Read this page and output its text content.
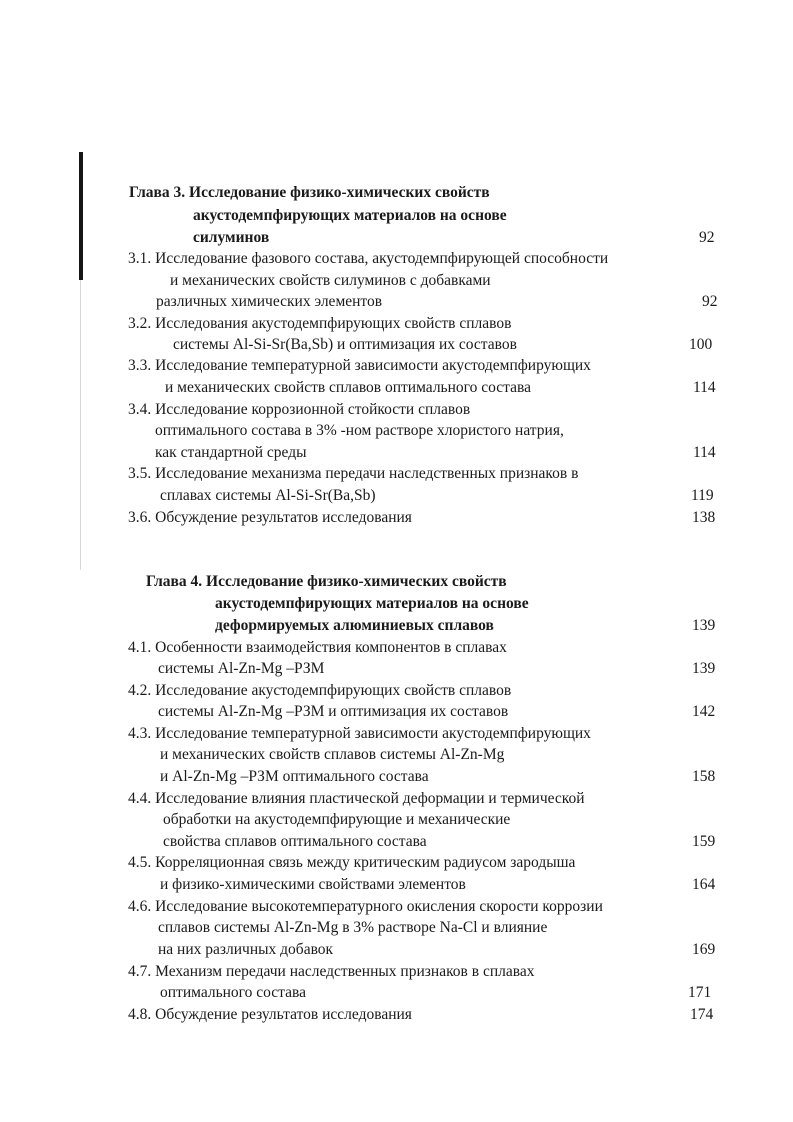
Глава 3. Исследование физико-химических свойств
акустодемпфирующих материалов на основе
силуминов	92
3.1. Исследование фазового состава, акустодемпфирующей способности
и механических свойств силуминов с добавками
различных химических элементов	92
3.2. Исследования акустодемпфирующих свойств сплавов
системы Al-Si-Sr(Ba,Sb) и оптимизация их составов	100
3.3. Исследование температурной зависимости акустодемпфирующих
и механических свойств сплавов оптимального состава	114
3.4. Исследование коррозионной стойкости сплавов
оптимального состава в 3% -ном растворе хлористого натрия,
как стандартной среды	114
3.5. Исследование механизма передачи наследственных признаков в
сплавах системы Al-Si-Sr(Ba,Sb)	119
3.6. Обсуждение результатов исследования	138
Глава 4. Исследование физико-химических свойств
акустодемпфирующих материалов на основе
деформируемых алюминиевых сплавов	139
4.1. Особенности взаимодействия компонентов в сплавах
системы Al-Zn-Mg –РЗМ	139
4.2. Исследование акустодемпфирующих свойств сплавов
системы Al-Zn-Mg –РЗМ и оптимизация их составов	142
4.3. Исследование температурной зависимости акустодемпфирующих
и механических свойств сплавов системы Al-Zn-Mg
и Al-Zn-Mg –РЗМ оптимального состава	158
4.4. Исследование влияния пластической деформации и термической
обработки на акустодемпфирующие и механические
свойства сплавов оптимального состава	159
4.5. Корреляционная связь между критическим радиусом зародыша
и физико-химическими свойствами элементов	164
4.6. Исследование высокотемпературного окисления скорости коррозии
сплавов системы Al-Zn-Mg в 3% растворе Na-Cl и влияние
на них различных добавок	169
4.7. Механизм передачи наследственных признаков в сплавах
оптимального состава	171
4.8. Обсуждение результатов исследования	174
